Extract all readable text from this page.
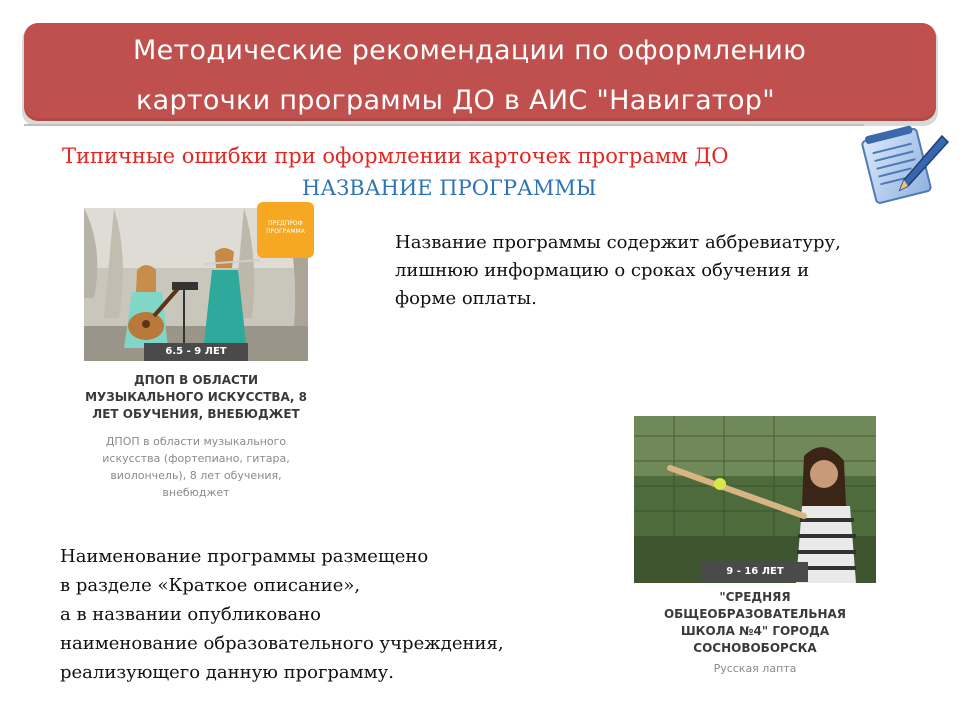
Методические рекомендации по оформлению
карточки программы ДО в АИС "Навигатор"
Типичные ошибки при оформлении карточек программ ДО
НАЗВАНИЕ ПРОГРАММЫ
ПРЕДПРОФ
ПРОГРАММА
6.5 - 9 ЛЕТ
ДПОП В ОБЛАСТИ
МУЗЫКАЛЬНОГО ИСКУССТВА, 8
ЛЕТ ОБУЧЕНИЯ, ВНЕБЮДЖЕТ
ДПОП в области музыкального
искусства (фортепиано, гитара,
виолончель), 8 лет обучения,
внебюджет
Название программы содержит аббревиатуру,
лишнюю информацию о сроках обучения и
форме оплаты.
9 - 16 ЛЕТ
"СРЕДНЯЯ
ОБЩЕОБРАЗОВАТЕЛЬНАЯ
ШКОЛА №4" ГОРОДА
СОСНОВОБОРСКА
Русская лапта
Наименование программы размещено
в разделе «Краткое описание»,
а в названии опубликовано
наименование образовательного учреждения,
реализующего данную программу.
